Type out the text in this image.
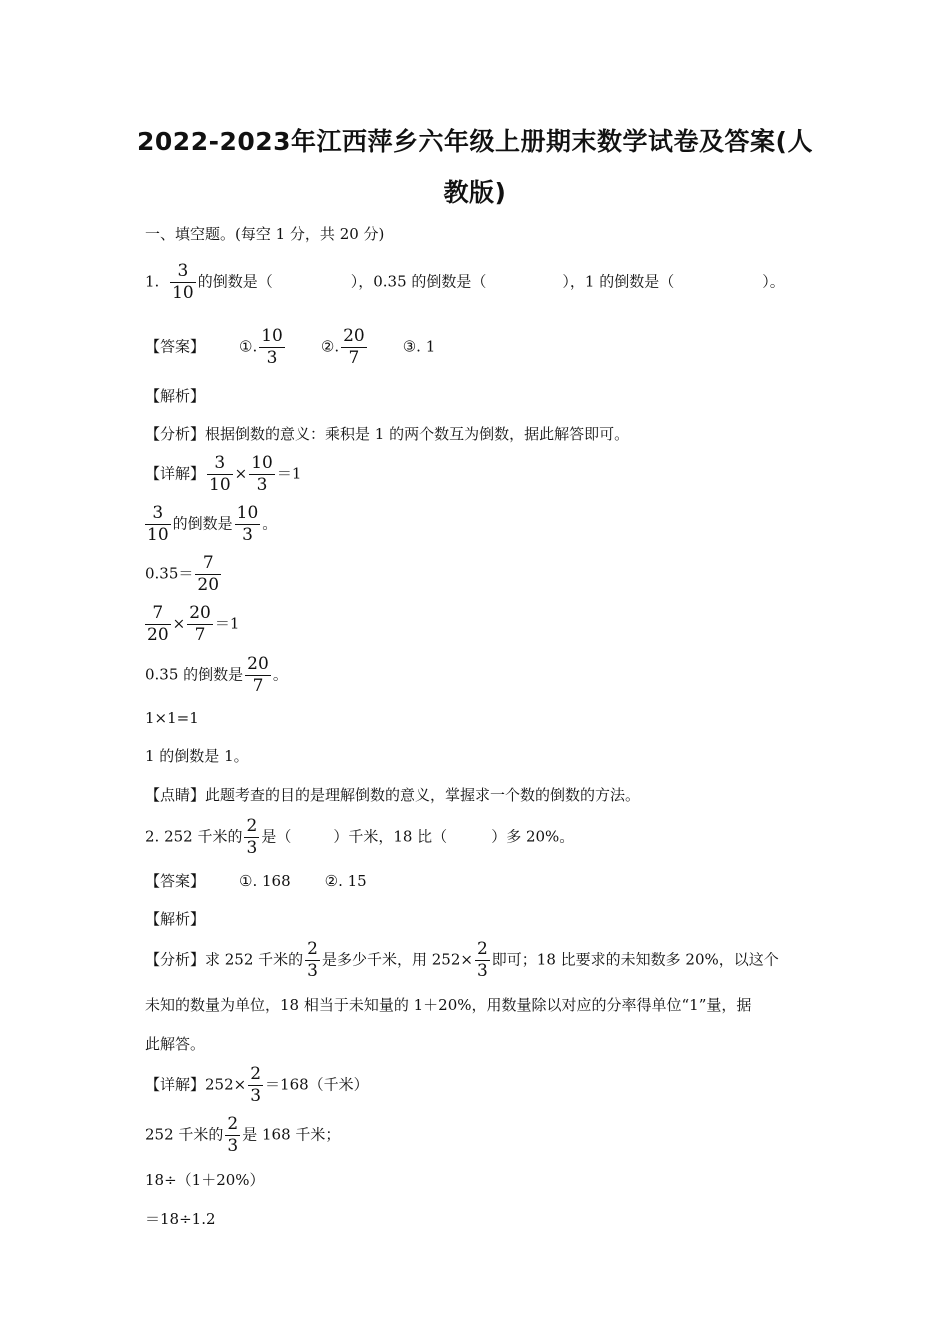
2022-2023年江西萍乡六年级上册期末数学试卷及答案(人
教版)
一、填空题。(每空 1 分，共 20 分)
1. $\frac{3}{10}$ 的倒数是（	），0.35 的倒数是（	），1 的倒数是（	）。
【答案】 ①. $\frac{10}{3}$ ②. $\frac{20}{7}$ ③. 1
【解析】
【分析】根据倒数的意义：乘积是 1 的两个数互为倒数，据此解答即可。
【详解】 $\frac{3}{10} \times \frac{10}{3} =1$
$\frac{3}{10}$ 的倒数是 $\frac{10}{3}$ 。
$0.35= \frac{7}{20}$
$\frac{7}{20} \times \frac{20}{7} =1$
0.35 的倒数是 $\frac{20}{7}$ 。
1×1=1
1 的倒数是 1。
【点睛】此题考查的目的是理解倒数的意义，掌握求一个数的倒数的方法。
2. 252 千米的 $\frac{2}{3}$ 是（	）千米，18 比（	）多 20%。
【答案】 ①. 168 ②. 15
【解析】
【分析】求 252 千米的 $\frac{2}{3}$ 是多少千米，用 $252\times \frac{2}{3}$ 即可；18 比要求的未知数多 20%，以这个
未知的数量为单位，18 相当于未知量的 1＋20%，用数量除以对应的分率得单位“1”量，据
此解答。
【详解】$252\times \frac{2}{3} =168$（千米）
252 千米的 $\frac{2}{3}$ 是 168 千米；
18÷（1＋20%）
＝18÷1.2
